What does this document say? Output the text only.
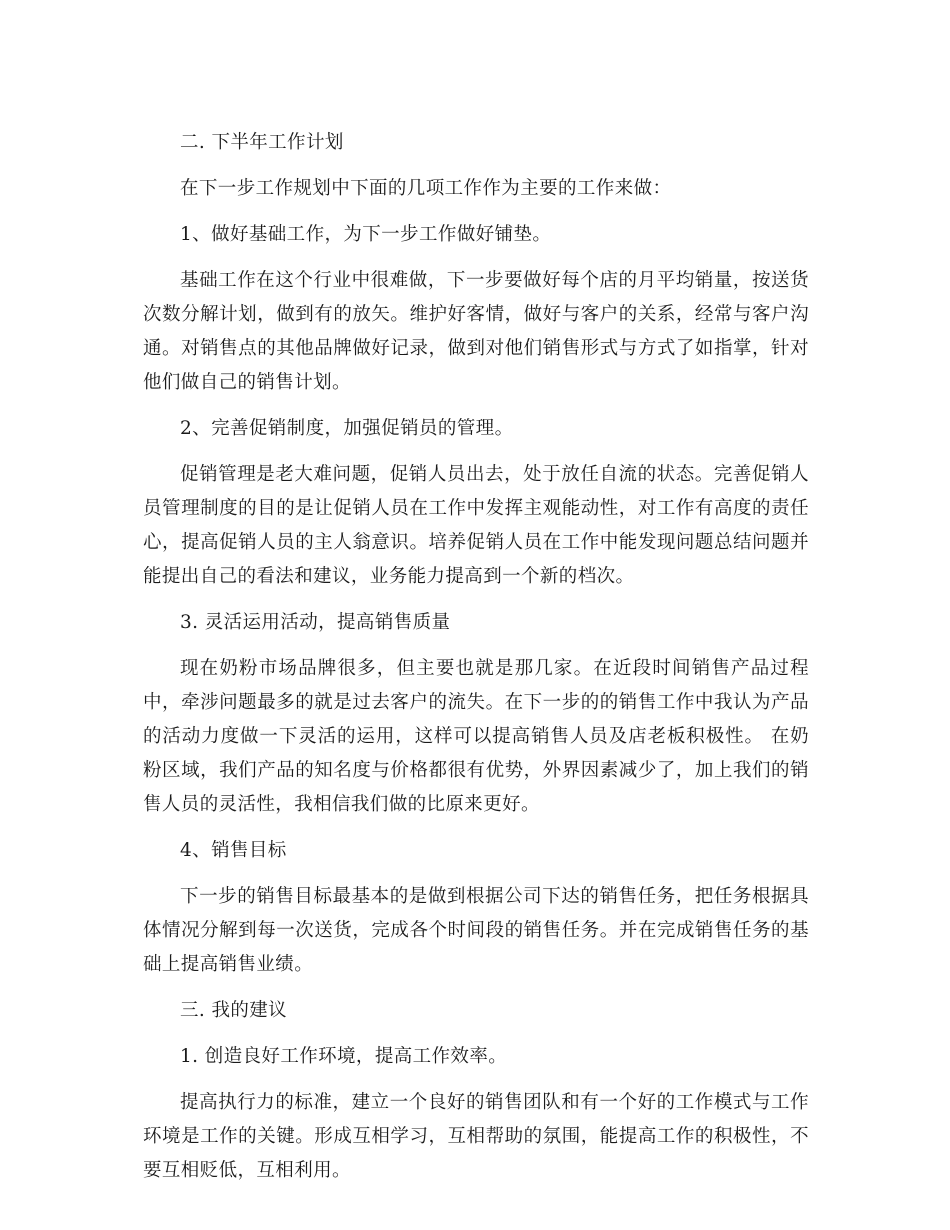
二. 下半年工作计划

在下一步工作规划中下面的几项工作作为主要的工作来做：

1、做好基础工作，为下一步工作做好铺垫。

基础工作在这个行业中很难做，下一步要做好每个店的月平均销量，按送货次数分解计划，做到有的放矢。维护好客情，做好与客户的关系，经常与客户沟通。对销售点的其他品牌做好记录，做到对他们销售形式与方式了如指掌，针对他们做自己的销售计划。

2、完善促销制度，加强促销员的管理。

促销管理是老大难问题，促销人员出去，处于放任自流的状态。完善促销人员管理制度的目的是让促销人员在工作中发挥主观能动性，对工作有高度的责任心，提高促销人员的主人翁意识。培养促销人员在工作中能发现问题总结问题并能提出自己的看法和建议，业务能力提高到一个新的档次。

3. 灵活运用活动，提高销售质量

现在奶粉市场品牌很多，但主要也就是那几家。在近段时间销售产品过程中，牵涉问题最多的就是过去客户的流失。在下一步的的销售工作中我认为产品的活动力度做一下灵活的运用，这样可以提高销售人员及店老板积极性。 在奶粉区域，我们产品的知名度与价格都很有优势，外界因素减少了，加上我们的销售人员的灵活性，我相信我们做的比原来更好。

4、销售目标

下一步的销售目标最基本的是做到根据公司下达的销售任务，把任务根据具体情况分解到每一次送货，完成各个时间段的销售任务。并在完成销售任务的基础上提高销售业绩。

三. 我的建议

1. 创造良好工作环境，提高工作效率。

提高执行力的标准，建立一个良好的销售团队和有一个好的工作模式与工作环境是工作的关键。形成互相学习，互相帮助的氛围，能提高工作的积极性，不要互相贬低，互相利用。
